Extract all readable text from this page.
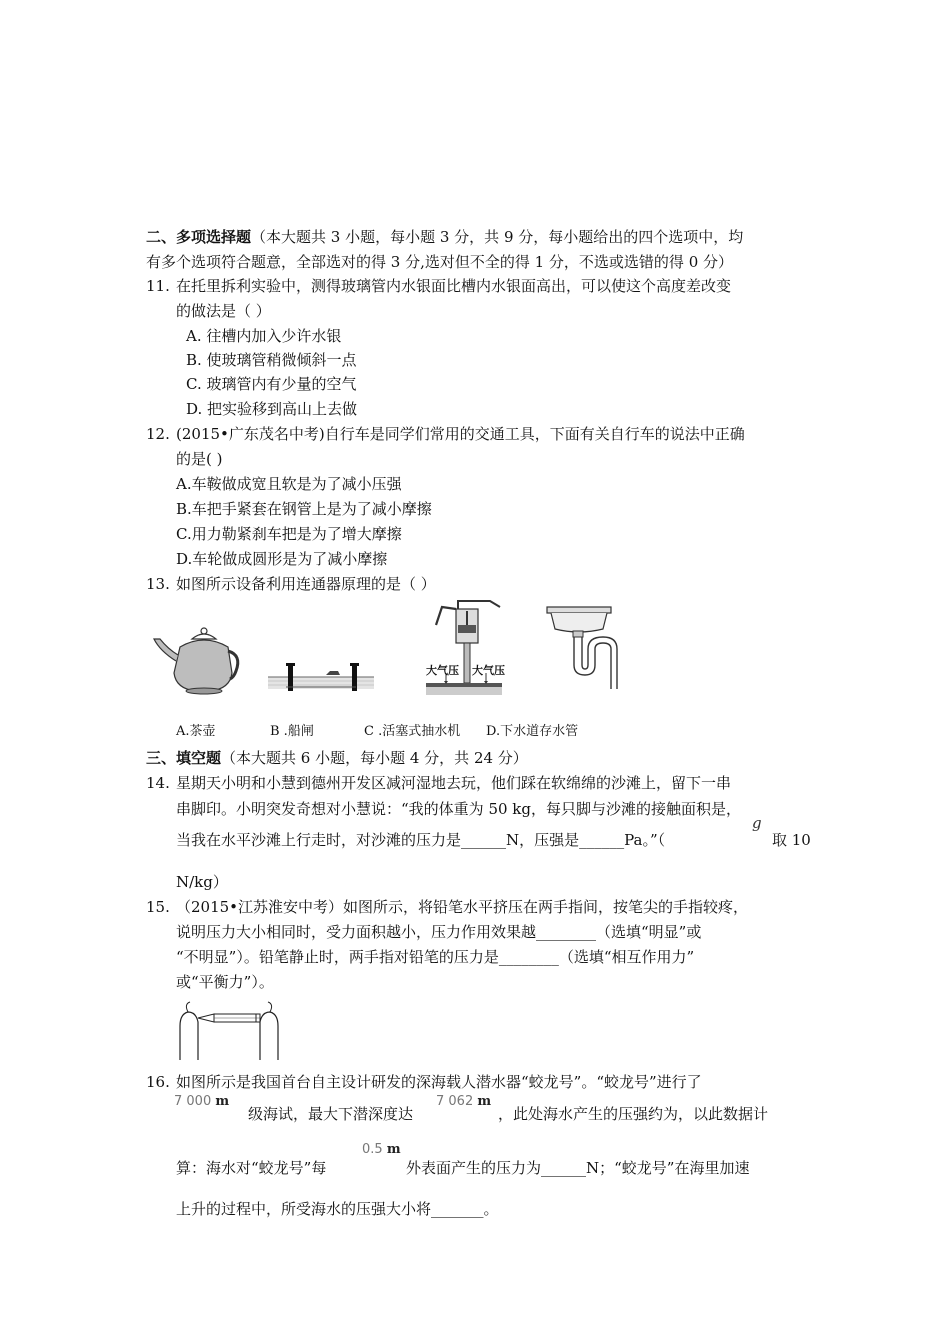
二、多项选择题（本大题共 3 小题，每小题 3 分，共 9 分，每小题给出的四个选项中，均
有多个选项符合题意，全部选对的得 3 分,选对但不全的得 1 分，不选或选错的得 0 分）
11. 在托里拆利实验中，测得玻璃管内水银面比槽内水银面高出，可以使这个高度差改变
的做法是（ ）
A. 往槽内加入少许水银
B. 使玻璃管稍微倾斜一点
C. 玻璃管内有少量的空气
D. 把实验移到高山上去做
12. (2015•广东茂名中考)自行车是同学们常用的交通工具，下面有关自行车的说法中正确
的是( )
A.车鞍做成宽且软是为了减小压强
B.车把手紧套在钢管上是为了减小摩擦
C.用力勒紧刹车把是为了增大摩擦
D.车轮做成圆形是为了减小摩擦
13. 如图所示设备利用连通器原理的是（ ）
大气压 大气压
A.茶壶	B .船闸	C .活塞式抽水机 D.下水道存水管
三、填空题（本大题共 6 小题，每小题 4 分，共 24 分）
14. 星期天小明和小慧到德州开发区减河湿地去玩，他们踩在软绵绵的沙滩上，留下一串
串脚印。小明突发奇想对小慧说：“我的体重为 50 kg，每只脚与沙滩的接触面积是，
当我在水平沙滩上行走时，对沙滩的压力是______N，压强是______Pa。”（
g
取 10
N/kg）
15. （2015•江苏淮安中考）如图所示，将铅笔水平挤压在两手指间，按笔尖的手指较疼，
说明压力大小相同时，受力面积越小，压力作用效果越________（选填“明显”或
“不明显”）。铅笔静止时，两手指对铅笔的压力是________（选填“相互作用力”
或“平衡力”）。
16. 如图所示是我国首台自主设计研发的深海载人潜水器“蛟龙号”。“蛟龙号”进行了
7 000 m
级海试，最大下潜深度达
7 062 m
，此处海水产生的压强约为，以此数据计
算：海水对“蛟龙号”每
0.5 m
外表面产生的压力为______N；“蛟龙号”在海里加速
上升的过程中，所受海水的压强大小将_______。
